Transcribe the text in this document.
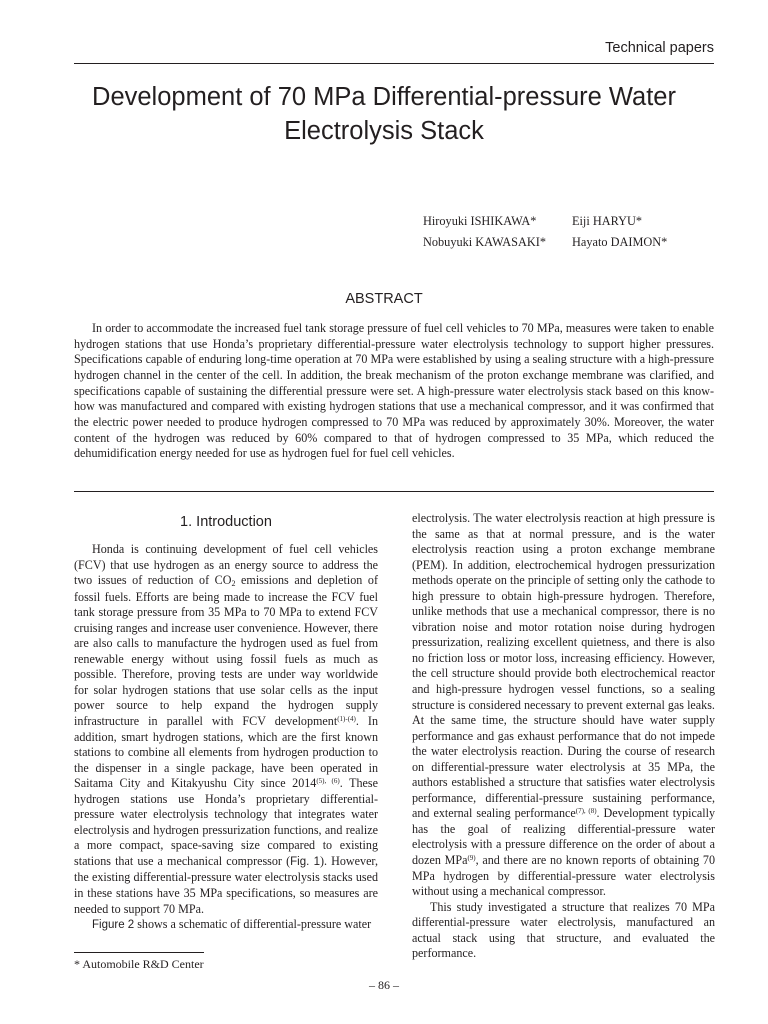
Technical papers
Development of 70 MPa Differential-pressure Water
Electrolysis Stack
Hiroyuki ISHIKAWA*	Eiji HARYU*
Nobuyuki KAWASAKI*	Hayato DAIMON*
ABSTRACT

In order to accommodate the increased fuel tank storage pressure of fuel cell vehicles to 70 MPa, measures were taken to enable hydrogen stations that use Honda’s proprietary differential-pressure water electrolysis technology to support higher pressures. Specifications capable of enduring long-time operation at 70 MPa were established by using a sealing structure with a high-pressure hydrogen channel in the center of the cell. In addition, the break mechanism of the proton exchange membrane was clarified, and specifications capable of sustaining the differential pressure were set. A high-pressure water electrolysis stack based on this know-how was manufactured and compared with existing hydrogen stations that use a mechanical compressor, and it was confirmed that the electric power needed to produce hydrogen compressed to 70 MPa was reduced by approximately 30%. Moreover, the water content of the hydrogen was reduced by 60% compared to that of hydrogen compressed to 35 MPa, which reduced the dehumidification energy needed for use as hydrogen fuel for fuel cell vehicles.

1. Introduction

Honda is continuing development of fuel cell vehicles (FCV) that use hydrogen as an energy source to address the two issues of reduction of $CO_2$ emissions and depletion of fossil fuels. Efforts are being made to increase the FCV fuel tank storage pressure from 35 MPa to 70 MPa to extend FCV cruising ranges and increase user convenience. However, there are also calls to manufacture the hydrogen used as fuel from renewable energy without using fossil fuels as much as possible. Therefore, proving tests are under way worldwide for solar hydrogen stations that use solar cells as the input power source to help expand the hydrogen supply infrastructure in parallel with FCV development$^{(1)-(4)}$. In addition, smart hydrogen stations, which are the first known stations to combine all elements from hydrogen production to the dispenser in a single package, have been operated in Saitama City and Kitakyushu City since $2014^{(5), (6)}$. These hydrogen stations use Honda’s proprietary differential-pressure water electrolysis technology that integrates water electrolysis and hydrogen pressurization functions, and realize a more compact, space-saving size compared to existing stations that use a mechanical compressor (Fig. 1). However, the existing differential-pressure water electrolysis stacks used in these stations have 35 MPa specifications, so measures are needed to support 70 MPa.

Figure 2 shows a schematic of differential-pressure water

electrolysis. The water electrolysis reaction at high pressure is the same as that at normal pressure, and is the water electrolysis reaction using a proton exchange membrane (PEM). In addition, electrochemical hydrogen pressurization methods operate on the principle of setting only the cathode to high pressure to obtain high-pressure hydrogen. Therefore, unlike methods that use a mechanical compressor, there is no vibration noise and motor rotation noise during hydrogen pressurization, realizing excellent quietness, and there is also no friction loss or motor loss, increasing efficiency. However, the cell structure should provide both electrochemical reactor and high-pressure hydrogen vessel functions, so a sealing structure is considered necessary to prevent external gas leaks. At the same time, the structure should have water supply performance and gas exhaust performance that do not impede the water electrolysis reaction. During the course of research on differential-pressure water electrolysis at 35 MPa, the authors established a structure that satisfies water electrolysis performance, differential-pressure sustaining performance, and external sealing performance$^{(7), (8)}$. Development typically has the goal of realizing differential-pressure water electrolysis with a pressure difference on the order of about a dozen MPa$^{(9)}$, and there are no known reports of obtaining 70 MPa hydrogen by differential-pressure water electrolysis without using a mechanical compressor.

This study investigated a structure that realizes 70 MPa differential-pressure water electrolysis, manufactured an actual stack using that structure, and evaluated the performance.

* Automobile R&D Center
– 86 –
